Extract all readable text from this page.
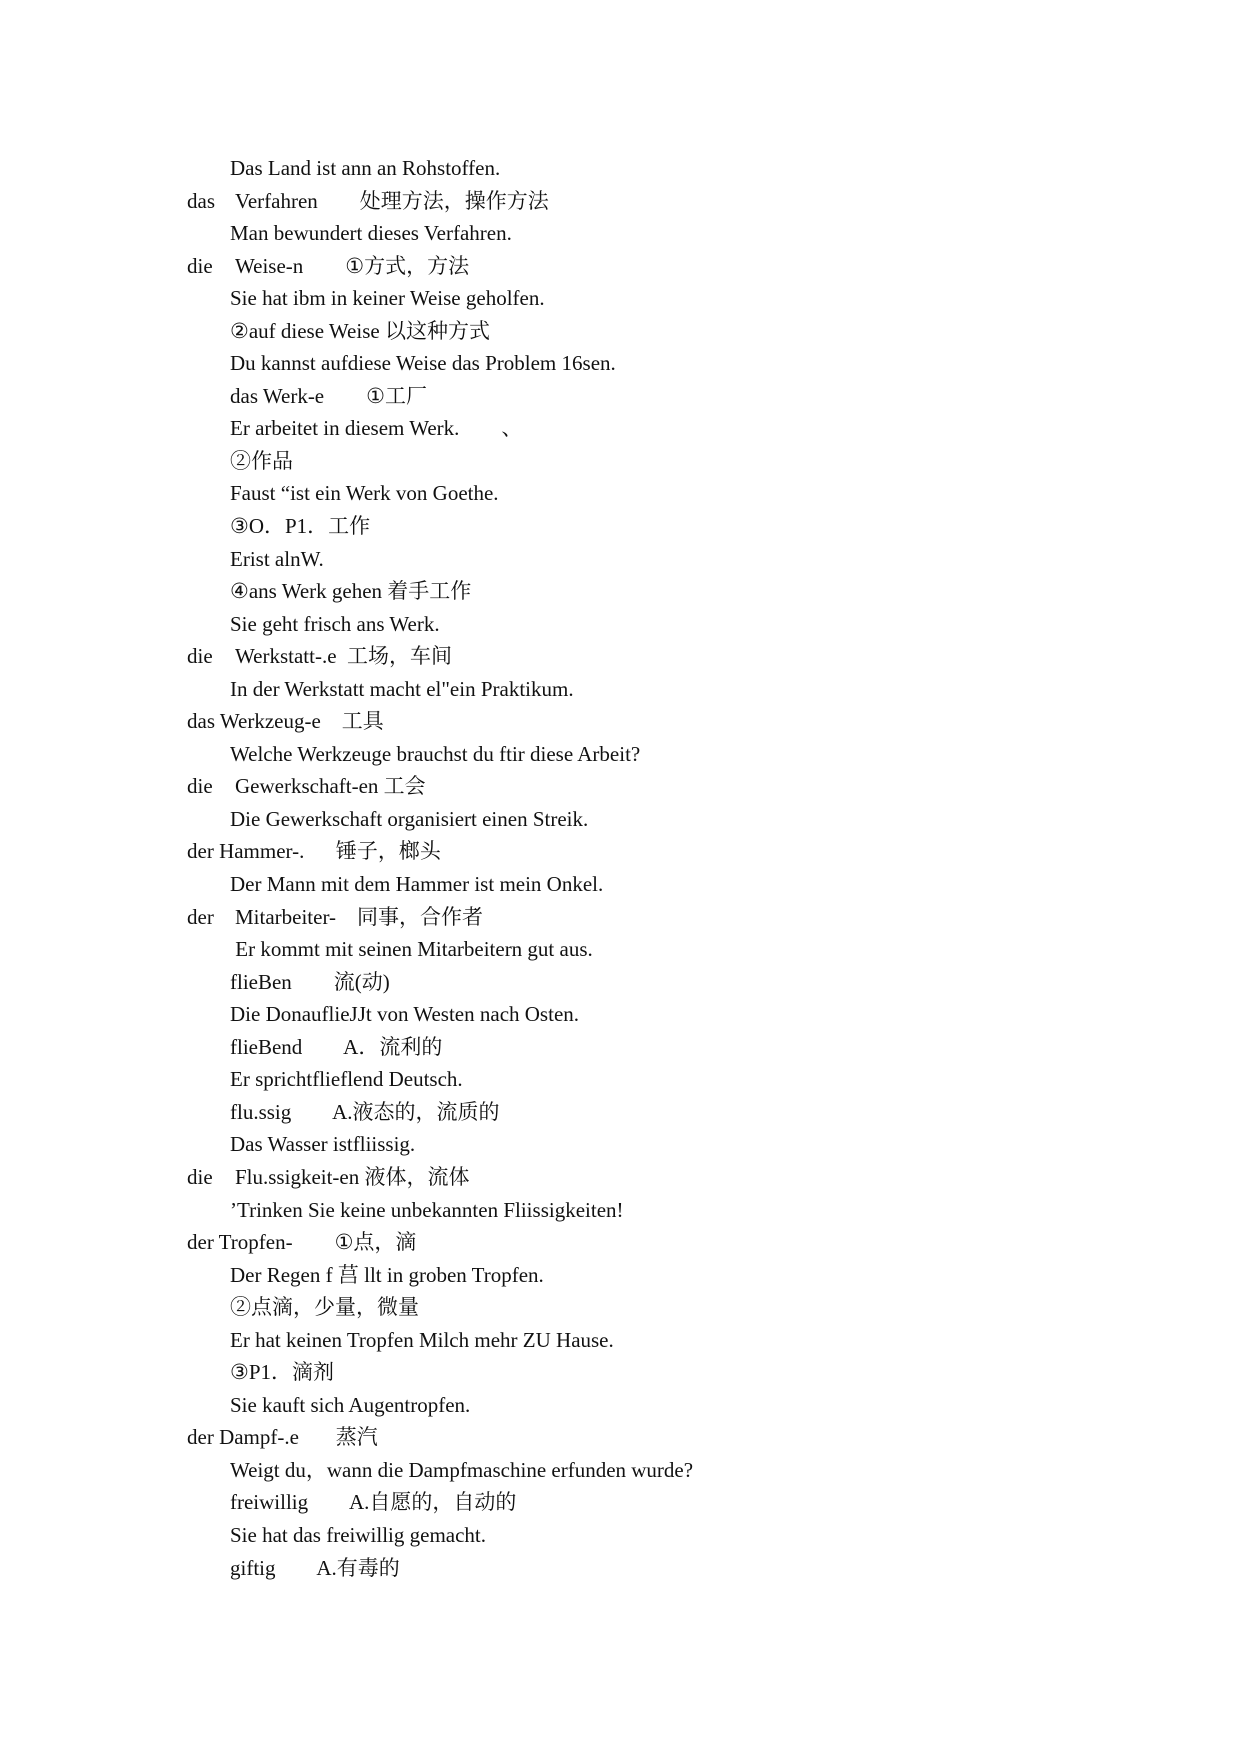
Das Land ist ann an Rohstoffen.
das Verfahren        处理方法，操作方法
Man bewundert dieses Verfahren.
die Weise-n        ①方式，方法
Sie hat ibm in keiner Weise geholfen.
②auf diese Weise 以这种方式
Du kannst aufdiese Weise das Problem 16sen.
das Werk-e        ①工厂
Er arbeitet in diesem Werk.        、
②作品
Faust “ist ein Werk von Goethe.
③O．P1．工作
Erist alnW.
④ans Werk gehen 着手工作
Sie geht frisch ans Werk.
die Werkstatt-.e  工场，车间
In der Werkstatt macht el"ein Praktikum.
das Werkzeug-e    工具
Welche Werkzeuge brauchst du ftir diese Arbeit?
die Gewerkschaft-en 工会
Die Gewerkschaft organisiert einen Streik.
der Hammer-.      锤子，榔头
Der Mann mit dem Hammer ist mein Onkel.
der Mitarbeiter-    同事，合作者
Er kommt mit seinen Mitarbeitern gut aus.
flieBen        流(动)
Die DonauflieJJt von Westen nach Osten.
flieBend        A．流利的
Er sprichtflieflend Deutsch.
flu.ssig        A.液态的，流质的
Das Wasser istfliissig.
die Flu.ssigkeit-en 液体，流体
’Trinken Sie keine unbekannten Fliissigkeiten!
der Tropfen-        ①点，滴
Der Regen f 莒 llt in groben Tropfen.
②点滴，少量，微量
Er hat keinen Tropfen Milch mehr ZU Hause.
③P1．滴剂
Sie kauft sich Augentropfen.
der Dampf-.e       蒸汽
Weigt du，wann die Dampfmaschine erfunden wurde?
freiwillig        A.自愿的，自动的
Sie hat das freiwillig gemacht.
giftig        A.有毒的
